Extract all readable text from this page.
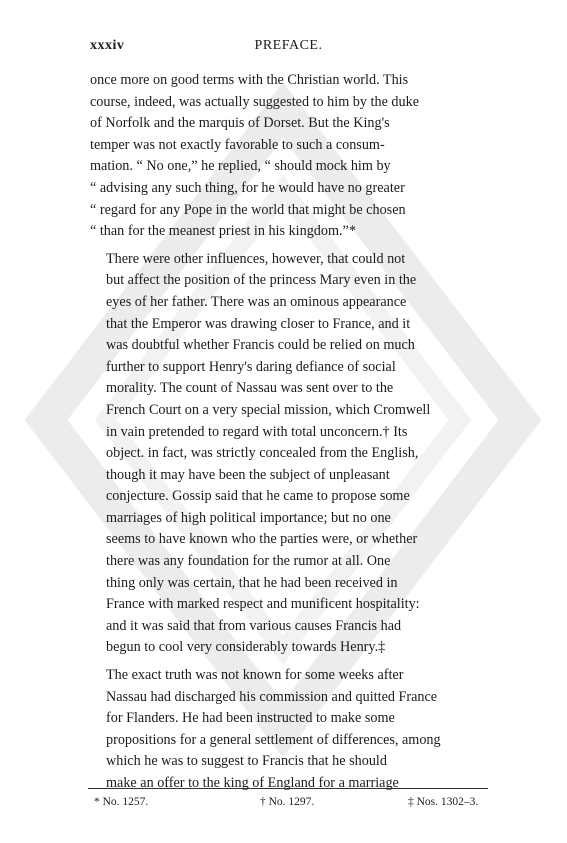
xxxiv	PREFACE.

once more on good terms with the Christian world. This
course, indeed, was actually suggested to him by the duke
of Norfolk and the marquis of Dorset. But the King's
temper was not exactly favorable to such a consum-
mation. “ No one,” he replied, “ should mock him by
“ advising any such thing, for he would have no greater
“ regard for any Pope in the world that might be chosen
“ than for the meanest priest in his kingdom.”*

There were other influences, however, that could not
but affect the position of the princess Mary even in the
eyes of her father. There was an ominous appearance
that the Emperor was drawing closer to France, and it
was doubtful whether Francis could be relied on much
further to support Henry's daring defiance of social
morality. The count of Nassau was sent over to the
French Court on a very special mission, which Cromwell
in vain pretended to regard with total unconcern.† Its
object. in fact, was strictly concealed from the English,
though it may have been the subject of unpleasant
conjecture. Gossip said that he came to propose some
marriages of high political importance; but no one
seems to have known who the parties were, or whether
there was any foundation for the rumor at all. One
thing only was certain, that he had been received in
France with marked respect and munificent hospitality:
and it was said that from various causes Francis had
begun to cool very considerably towards Henry.‡

The exact truth was not known for some weeks after
Nassau had discharged his commission and quitted France
for Flanders. He had been instructed to make some
propositions for a general settlement of differences, among
which he was to suggest to Francis that he should
make an offer to the king of England for a marriage

* No. 1257.	† No. 1297.	‡ Nos. 1302–3.
